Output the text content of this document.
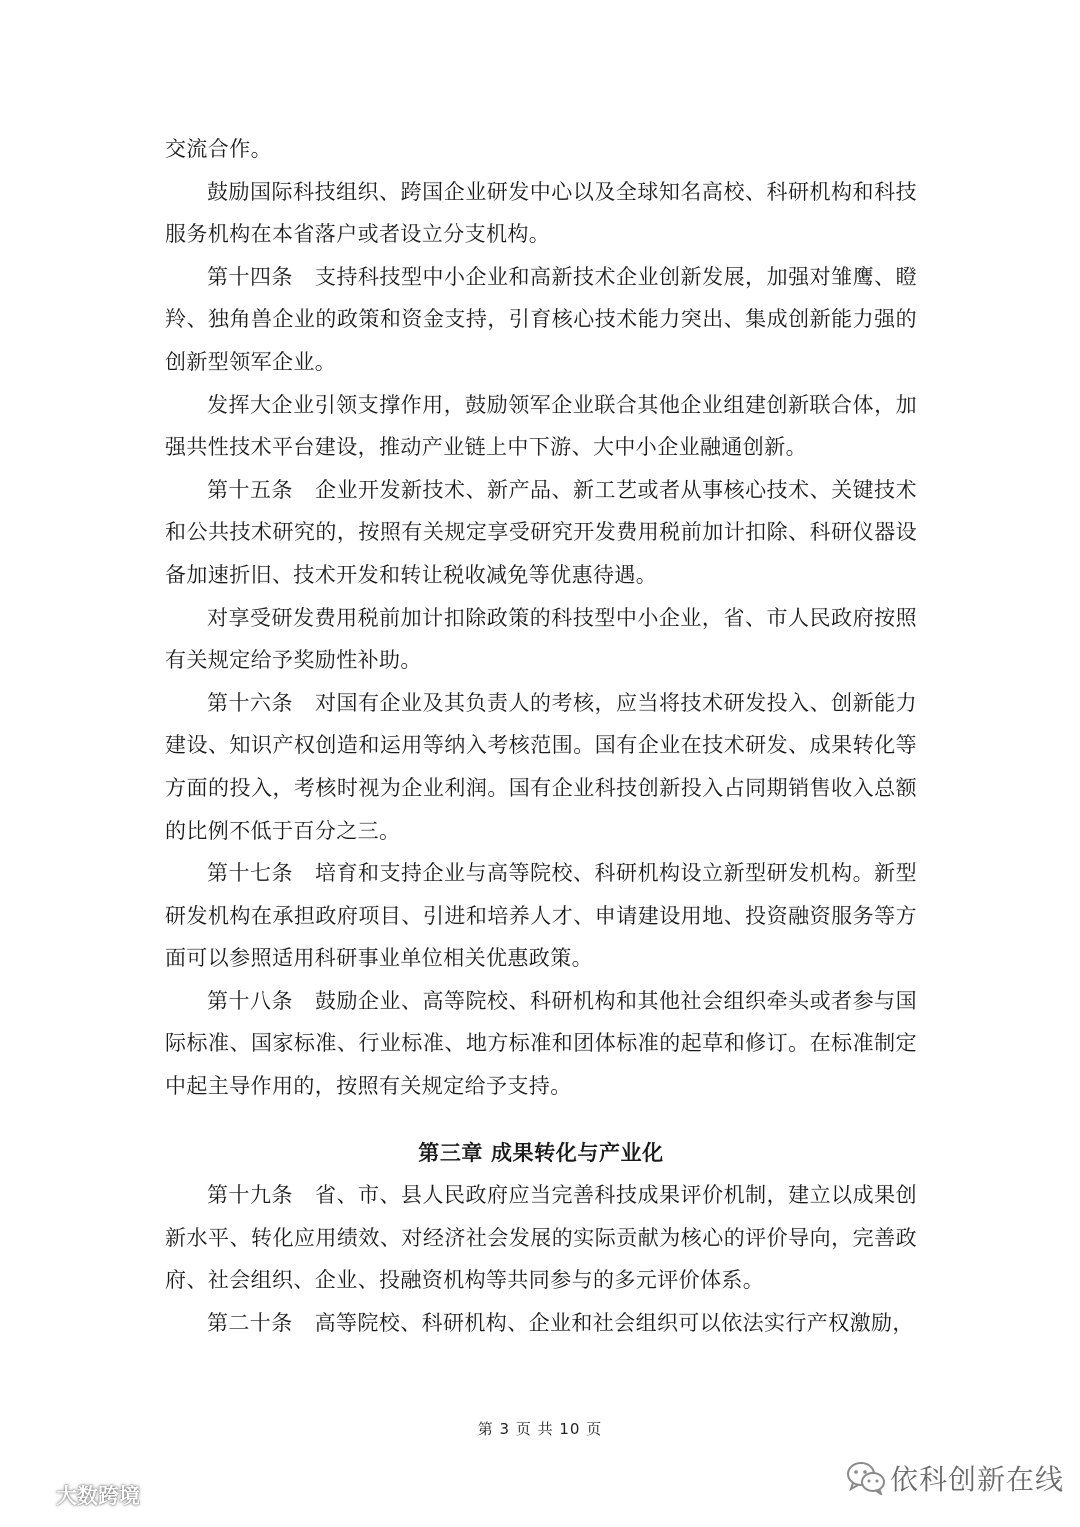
交流合作。

鼓励国际科技组织、跨国企业研发中心以及全球知名高校、科研机构和科技服务机构在本省落户或者设立分支机构。

第十四条 支持科技型中小企业和高新技术企业创新发展，加强对雏鹰、瞪羚、独角兽企业的政策和资金支持，引育核心技术能力突出、集成创新能力强的创新型领军企业。

发挥大企业引领支撑作用，鼓励领军企业联合其他企业组建创新联合体，加强共性技术平台建设，推动产业链上中下游、大中小企业融通创新。

第十五条 企业开发新技术、新产品、新工艺或者从事核心技术、关键技术和公共技术研究的，按照有关规定享受研究开发费用税前加计扣除、科研仪器设备加速折旧、技术开发和转让税收减免等优惠待遇。

对享受研发费用税前加计扣除政策的科技型中小企业，省、市人民政府按照有关规定给予奖励性补助。

第十六条 对国有企业及其负责人的考核，应当将技术研发投入、创新能力建设、知识产权创造和运用等纳入考核范围。国有企业在技术研发、成果转化等方面的投入，考核时视为企业利润。国有企业科技创新投入占同期销售收入总额的比例不低于百分之三。

第十七条 培育和支持企业与高等院校、科研机构设立新型研发机构。新型研发机构在承担政府项目、引进和培养人才、申请建设用地、投资融资服务等方面可以参照适用科研事业单位相关优惠政策。

第十八条 鼓励企业、高等院校、科研机构和其他社会组织牵头或者参与国际标准、国家标准、行业标准、地方标准和团体标准的起草和修订。在标准制定中起主导作用的，按照有关规定给予支持。

第三章 成果转化与产业化

第十九条 省、市、县人民政府应当完善科技成果评价机制，建立以成果创新水平、转化应用绩效、对经济社会发展的实际贡献为核心的评价导向，完善政府、社会组织、企业、投融资机构等共同参与的多元评价体系。

第二十条 高等院校、科研机构、企业和社会组织可以依法实行产权激励，

第 3 页 共 10 页
大数跨境	依科创新在线
